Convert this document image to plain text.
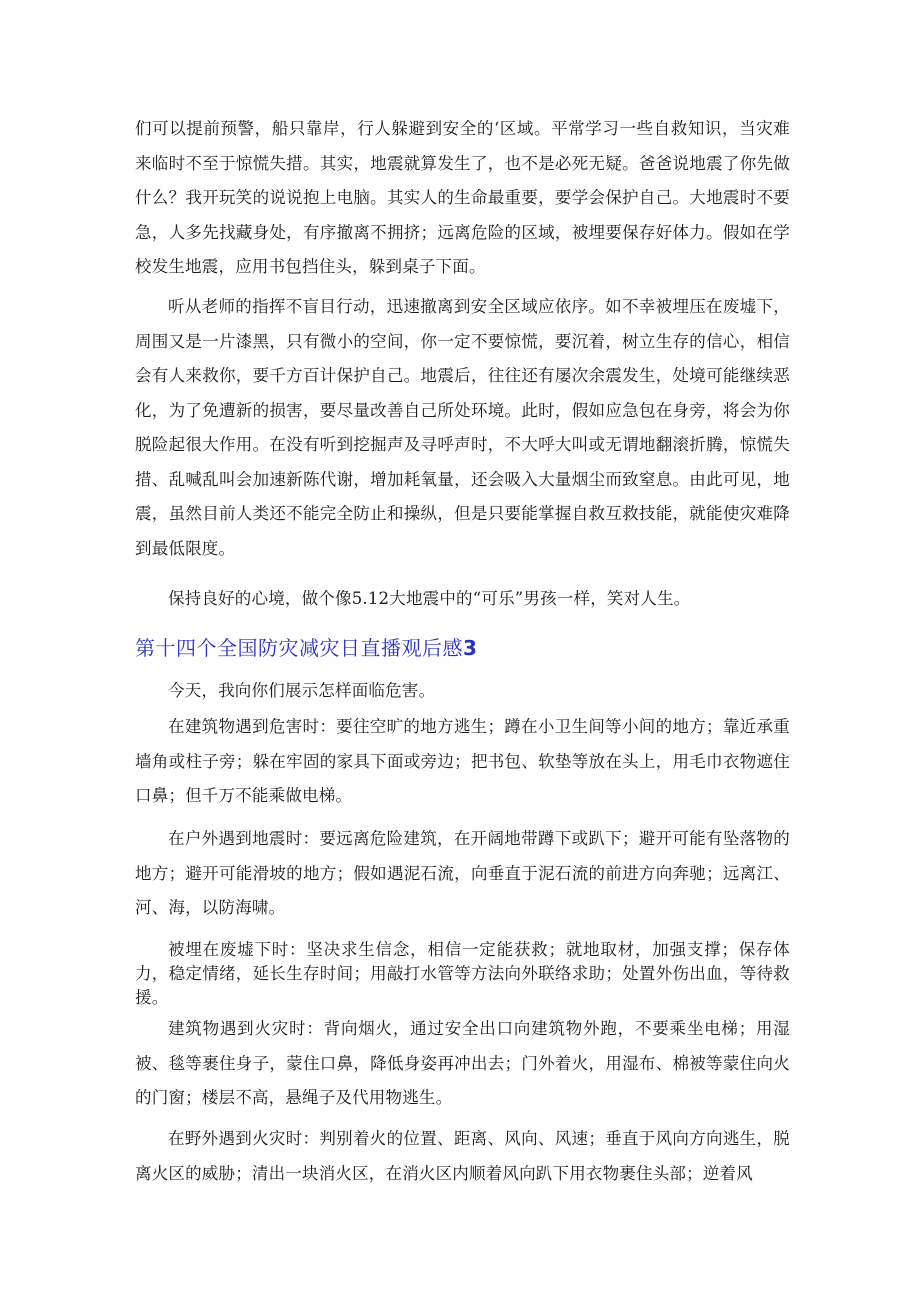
们可以提前预警，船只靠岸，行人躲避到安全的‘区域。平常学习一些自救知识，当灾难来临时不至于惊慌失措。其实，地震就算发生了，也不是必死无疑。爸爸说地震了你先做什么？我开玩笑的说说抱上电脑。其实人的生命最重要，要学会保护自己。大地震时不要急，人多先找藏身处，有序撤离不拥挤；远离危险的区域，被埋要保存好体力。假如在学校发生地震，应用书包挡住头，躲到桌子下面。

听从老师的指挥不盲目行动，迅速撤离到安全区域应依序。如不幸被埋压在废墟下，周围又是一片漆黑，只有微小的空间，你一定不要惊慌，要沉着，树立生存的信心，相信会有人来救你，要千方百计保护自己。地震后，往往还有屡次余震发生，处境可能继续恶化，为了免遭新的损害，要尽量改善自己所处环境。此时，假如应急包在身旁，将会为你脱险起很大作用。在没有听到挖掘声及寻呼声时，不大呼大叫或无谓地翻滚折腾，惊慌失措、乱喊乱叫会加速新陈代谢，增加耗氧量，还会吸入大量烟尘而致窒息。由此可见，地震，虽然目前人类还不能完全防止和操纵，但是只要能掌握自救互救技能，就能使灾难降到最低限度。

保持良好的心境，做个像5.12大地震中的“可乐”男孩一样，笑对人生。

第十四个全国防灾减灾日直播观后感3

今天，我向你们展示怎样面临危害。

在建筑物遇到危害时：要往空旷的地方逃生；蹲在小卫生间等小间的地方；靠近承重墙角或柱子旁；躲在牢固的家具下面或旁边；把书包、软垫等放在头上，用毛巾衣物遮住口鼻；但千万不能乘做电梯。

在户外遇到地震时：要远离危险建筑，在开阔地带蹲下或趴下；避开可能有坠落物的地方；避开可能滑坡的地方；假如遇泥石流，向垂直于泥石流的前进方向奔驰；远离江、河、海，以防海啸。

被埋在废墟下时：坚决求生信念，相信一定能获救；就地取材，加强支撑；保存体力，稳定情绪，延长生存时间；用敲打水管等方法向外联络求助；处置外伤出血，等待救援。

建筑物遇到火灾时：背向烟火，通过安全出口向建筑物外跑，不要乘坐电梯；用湿被、毯等裹住身子，蒙住口鼻，降低身姿再冲出去；门外着火，用湿布、棉被等蒙住向火的门窗；楼层不高，悬绳子及代用物逃生。

在野外遇到火灾时：判别着火的位置、距离、风向、风速；垂直于风向方向逃生，脱离火区的威胁；清出一块消火区，在消火区内顺着风向趴下用衣物裹住头部；逆着风
